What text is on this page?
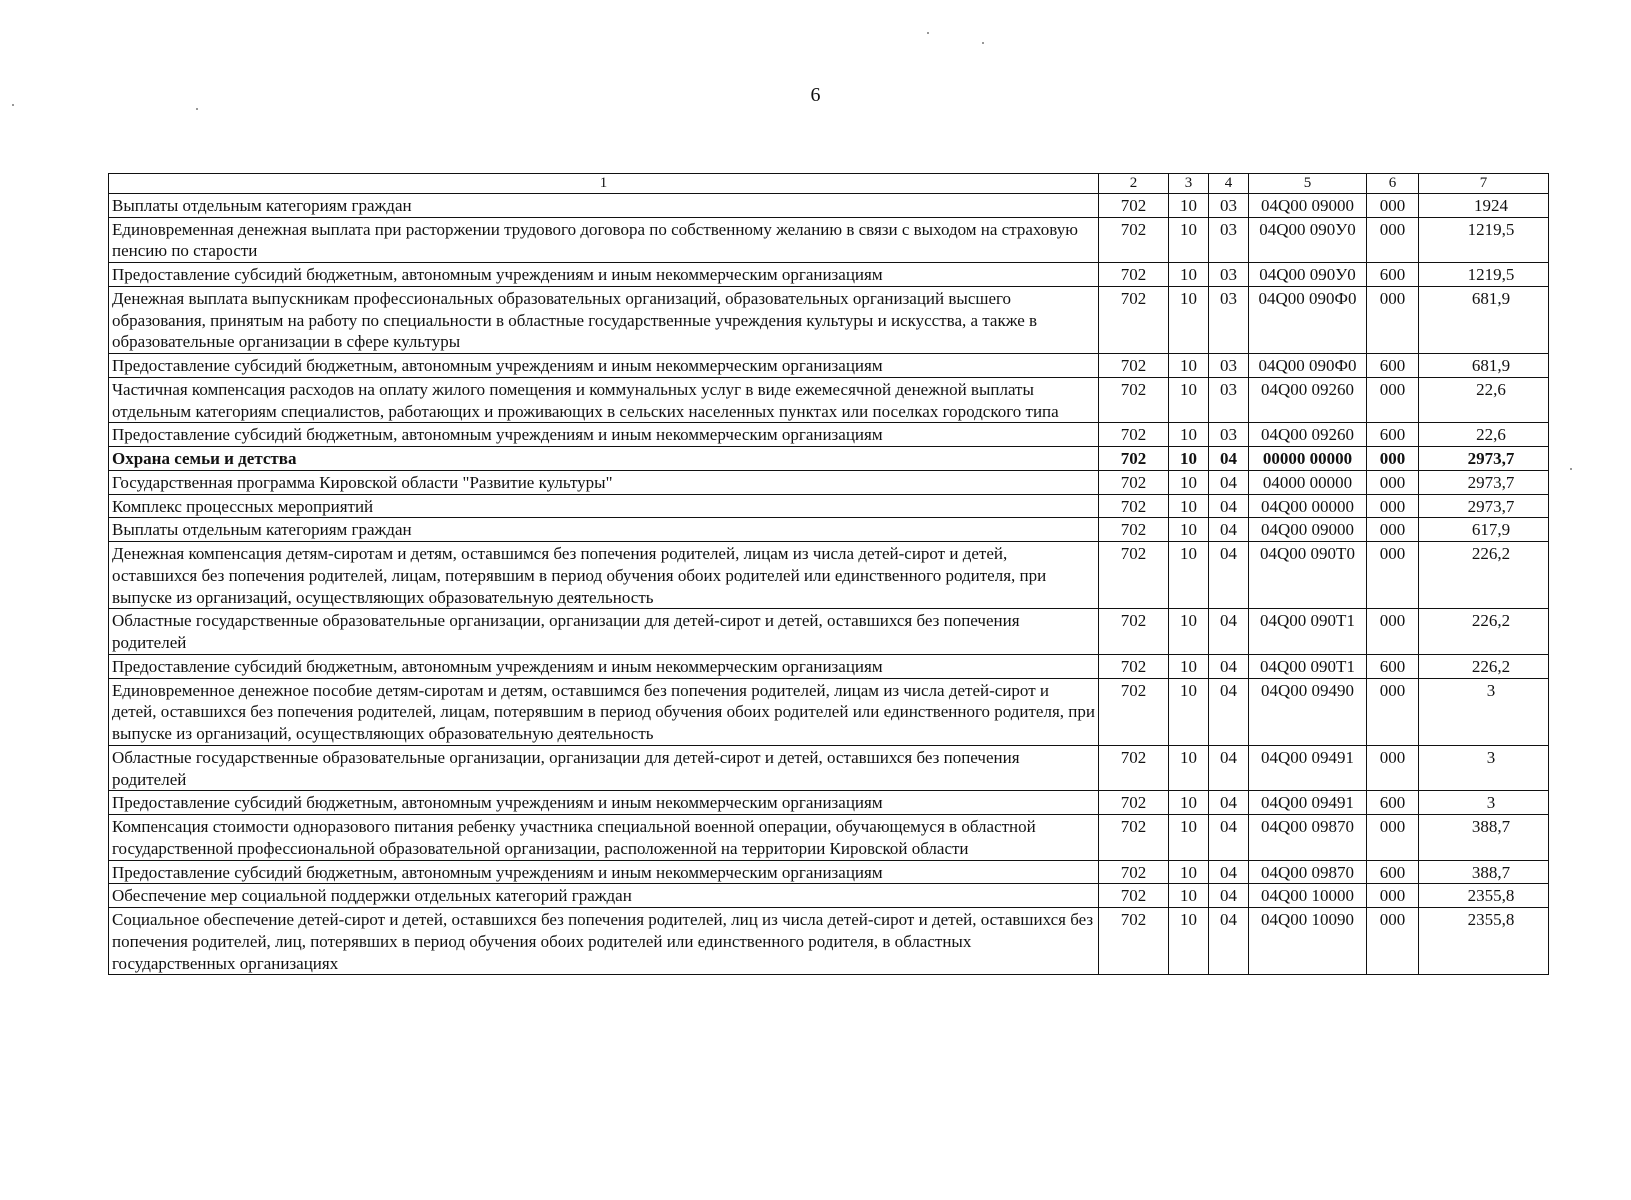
6
1	2	3	4	5	6	7
Выплаты отдельным категориям граждан	702	10	03	04Q00 09000	000	1924
Единовременная денежная выплата при расторжении трудового договора по собственному желанию в связи с выходом на страховую пенсию по старости	702	10	03	04Q00 090У0	000	1219,5
Предоставление субсидий бюджетным, автономным учреждениям и иным некоммерческим организациям	702	10	03	04Q00 090У0	600	1219,5
Денежная выплата выпускникам профессиональных образовательных организаций, образовательных организаций высшего образования, принятым на работу по специальности в областные государственные учреждения культуры и искусства, а также в образовательные организации в сфере культуры	702	10	03	04Q00 090Ф0	000	681,9
Предоставление субсидий бюджетным, автономным учреждениям и иным некоммерческим организациям	702	10	03	04Q00 090Ф0	600	681,9
Частичная компенсация расходов на оплату жилого помещения и коммунальных услуг в виде ежемесячной денежной выплаты отдельным категориям специалистов, работающих и проживающих в сельских населенных пунктах или поселках городского типа	702	10	03	04Q00 09260	000	22,6
Предоставление субсидий бюджетным, автономным учреждениям и иным некоммерческим организациям	702	10	03	04Q00 09260	600	22,6
Охрана семьи и детства	702	10	04	00000 00000	000	2973,7
Государственная программа Кировской области "Развитие культуры"	702	10	04	04000 00000	000	2973,7
Комплекс процессных мероприятий	702	10	04	04Q00 00000	000	2973,7
Выплаты отдельным категориям граждан	702	10	04	04Q00 09000	000	617,9
Денежная компенсация детям-сиротам и детям, оставшимся без попечения родителей, лицам из числа детей-сирот и детей, оставшихся без попечения родителей, лицам, потерявшим в период обучения обоих родителей или единственного родителя, при выпуске из организаций, осуществляющих образовательную деятельность	702	10	04	04Q00 090Т0	000	226,2
Областные государственные образовательные организации, организации для детей-сирот и детей, оставшихся без попечения родителей	702	10	04	04Q00 090Т1	000	226,2
Предоставление субсидий бюджетным, автономным учреждениям и иным некоммерческим организациям	702	10	04	04Q00 090Т1	600	226,2
Единовременное денежное пособие детям-сиротам и детям, оставшимся без попечения родителей, лицам из числа детей-сирот и детей, оставшихся без попечения родителей, лицам, потерявшим в период обучения обоих родителей или единственного родителя, при выпуске из организаций, осуществляющих образовательную деятельность	702	10	04	04Q00 09490	000	3
Областные государственные образовательные организации, организации для детей-сирот и детей, оставшихся без попечения родителей	702	10	04	04Q00 09491	000	3
Предоставление субсидий бюджетным, автономным учреждениям и иным некоммерческим организациям	702	10	04	04Q00 09491	600	3
Компенсация стоимости одноразового питания ребенку участника специальной военной операции, обучающемуся в областной государственной профессиональной образовательной организации, расположенной на территории Кировской области	702	10	04	04Q00 09870	000	388,7
Предоставление субсидий бюджетным, автономным учреждениям и иным некоммерческим организациям	702	10	04	04Q00 09870	600	388,7
Обеспечение мер социальной поддержки отдельных категорий граждан	702	10	04	04Q00 10000	000	2355,8
Социальное обеспечение детей-сирот и детей, оставшихся без попечения родителей, лиц из числа детей-сирот и детей, оставшихся без попечения родителей, лиц, потерявших в период обучения обоих родителей или единственного родителя, в областных государственных организациях	702	10	04	04Q00 10090	000	2355,8
